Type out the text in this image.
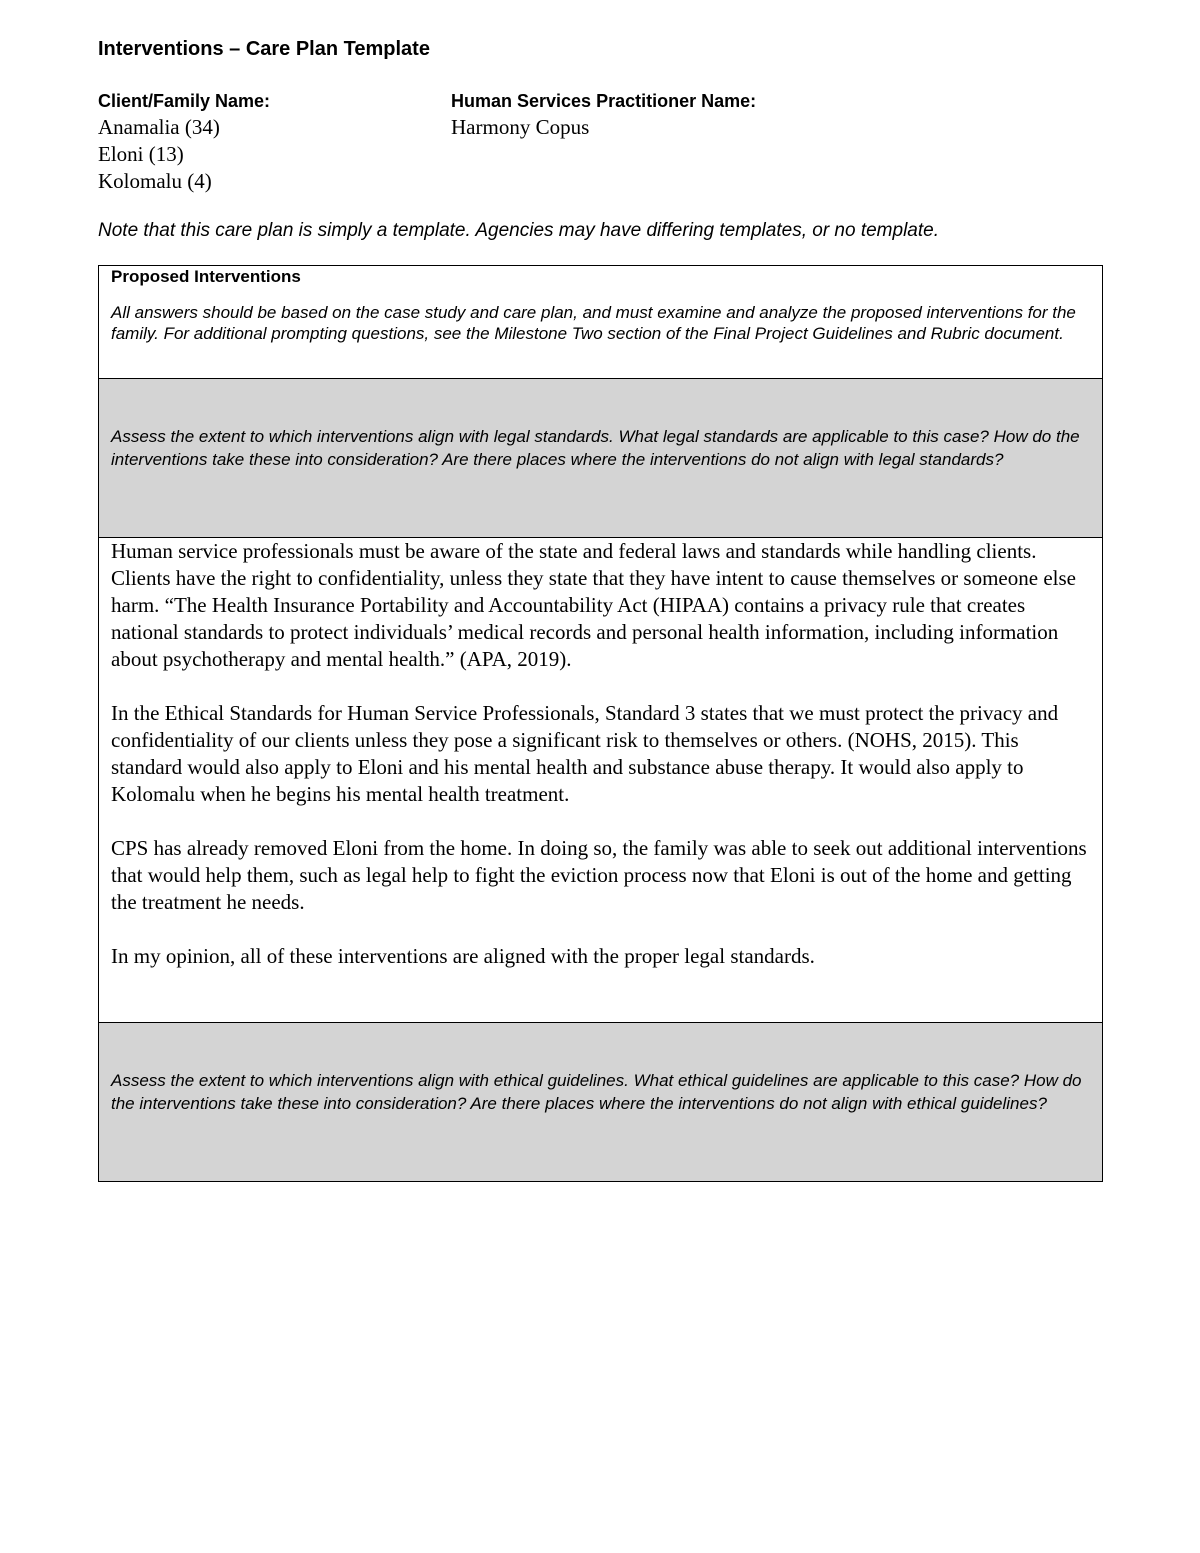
Interventions – Care Plan Template
Client/Family Name:
Anamalia (34)
Eloni (13)
Kolomalu (4)
Human Services Practitioner Name:
Harmony Copus
Note that this care plan is simply a template. Agencies may have differing templates, or no template.
Proposed Interventions
All answers should be based on the case study and care plan, and must examine and analyze the proposed interventions for the family. For additional prompting questions, see the Milestone Two section of the Final Project Guidelines and Rubric document.

Assess the extent to which interventions align with legal standards. What legal standards are applicable to this case? How do the interventions take these into consideration? Are there places where the interventions do not align with legal standards?

Human service professionals must be aware of the state and federal laws and standards while handling clients. Clients have the right to confidentiality, unless they state that they have intent to cause themselves or someone else harm. “The Health Insurance Portability and Accountability Act (HIPAA) contains a privacy rule that creates national standards to protect individuals’ medical records and personal health information, including information about psychotherapy and mental health.” (APA, 2019).

In the Ethical Standards for Human Service Professionals, Standard 3 states that we must protect the privacy and confidentiality of our clients unless they pose a significant risk to themselves or others. (NOHS, 2015). This standard would also apply to Eloni and his mental health and substance abuse therapy. It would also apply to Kolomalu when he begins his mental health treatment.

CPS has already removed Eloni from the home. In doing so, the family was able to seek out additional interventions that would help them, such as legal help to fight the eviction process now that Eloni is out of the home and getting the treatment he needs.

In my opinion, all of these interventions are aligned with the proper legal standards.

Assess the extent to which interventions align with ethical guidelines. What ethical guidelines are applicable to this case? How do the interventions take these into consideration? Are there places where the interventions do not align with ethical guidelines?
